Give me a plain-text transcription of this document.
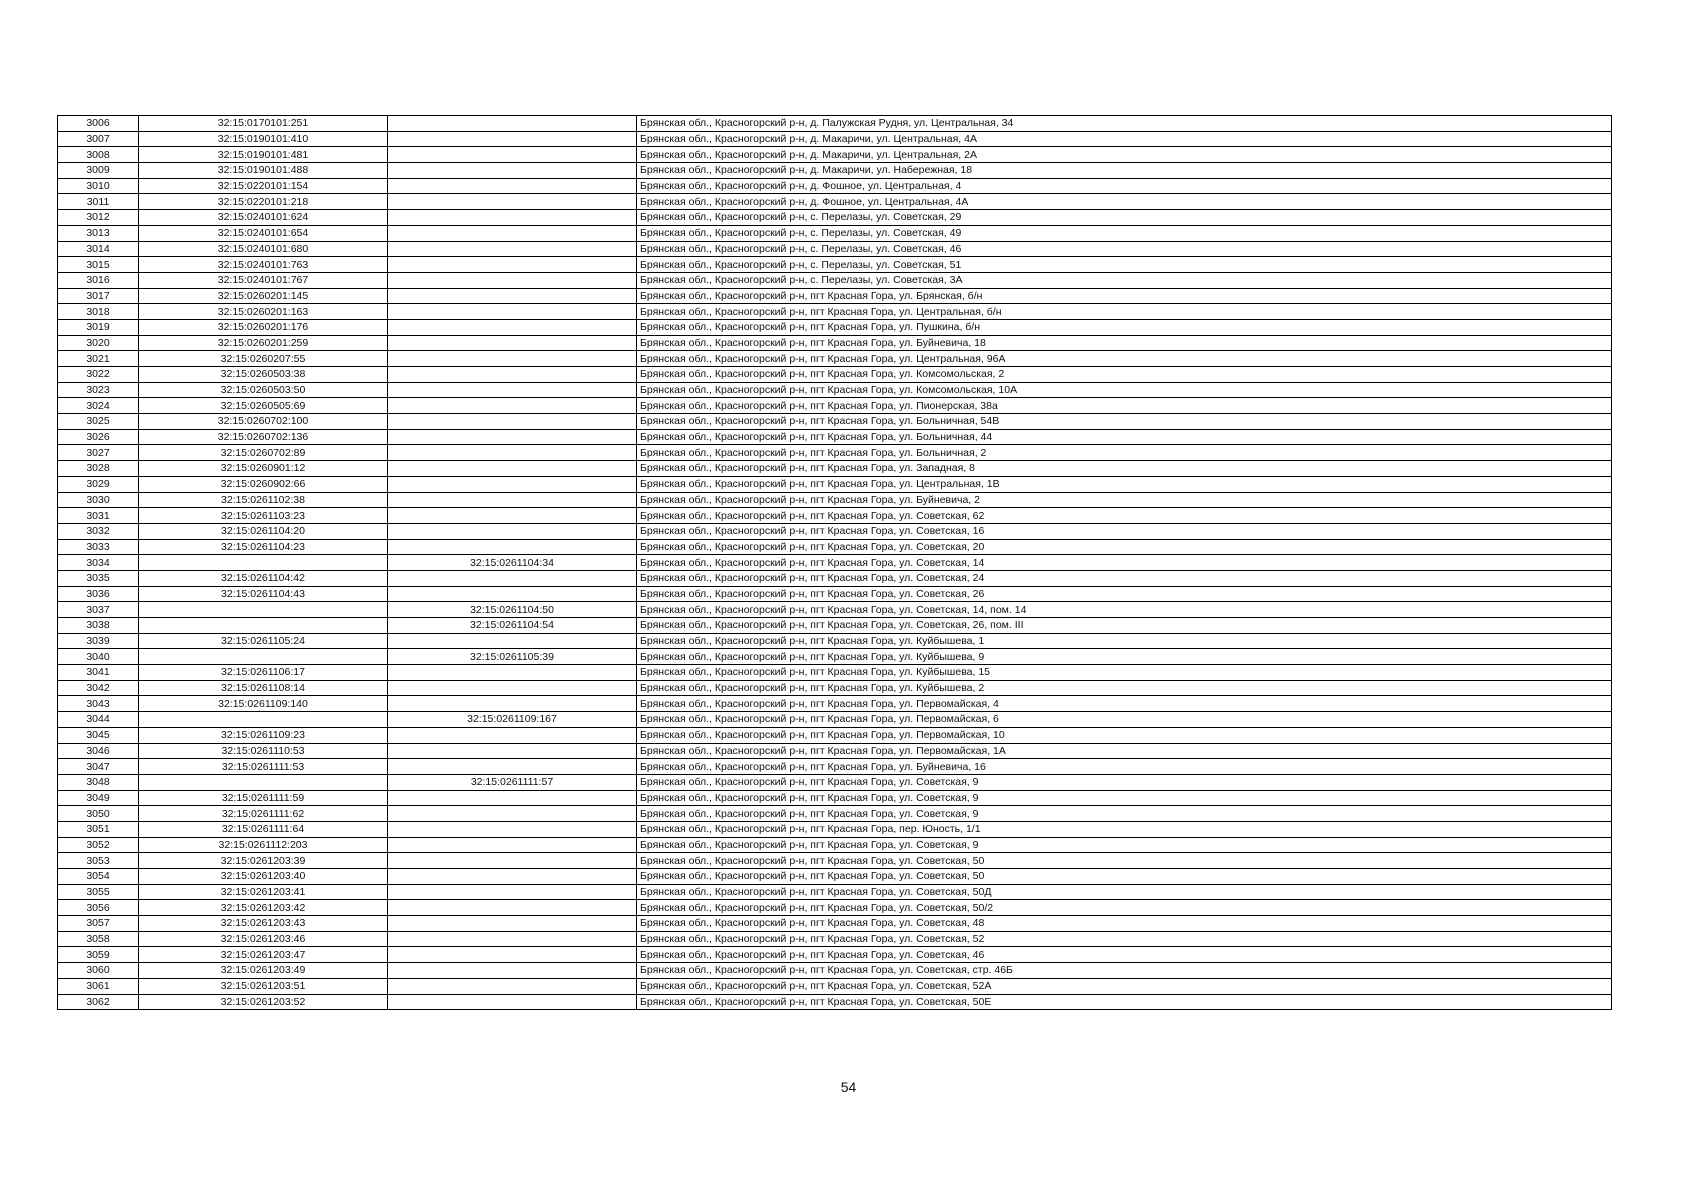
3006	32:15:0170101:251		Брянская обл., Красногорский р-н, д. Палужская Рудня, ул. Центральная, 34
3007	32:15:0190101:410		Брянская обл., Красногорский р-н, д. Макаричи, ул. Центральная, 4А
3008	32:15:0190101:481		Брянская обл., Красногорский р-н, д. Макаричи, ул. Центральная, 2А
3009	32:15:0190101:488		Брянская обл., Красногорский р-н, д. Макаричи, ул. Набережная, 18
3010	32:15:0220101:154		Брянская обл., Красногорский р-н, д. Фошное, ул. Центральная, 4
3011	32:15:0220101:218		Брянская обл., Красногорский р-н, д. Фошное, ул. Центральная, 4А
3012	32:15:0240101:624		Брянская обл., Красногорский р-н, с. Перелазы, ул. Советская, 29
3013	32:15:0240101:654		Брянская обл., Красногорский р-н, с. Перелазы, ул. Советская, 49
3014	32:15:0240101:680		Брянская обл., Красногорский р-н, с. Перелазы, ул. Советская, 46
3015	32:15:0240101:763		Брянская обл., Красногорский р-н, с. Перелазы, ул. Советская, 51
3016	32:15:0240101:767		Брянская обл., Красногорский р-н, с. Перелазы, ул. Советская, 3А
3017	32:15:0260201:145		Брянская обл., Красногорский р-н, пгт Красная Гора, ул. Брянская, б/н
3018	32:15:0260201:163		Брянская обл., Красногорский р-н, пгт Красная Гора, ул. Центральная, б/н
3019	32:15:0260201:176		Брянская обл., Красногорский р-н, пгт Красная Гора, ул. Пушкина, б/н
3020	32:15:0260201:259		Брянская обл., Красногорский р-н, пгт Красная Гора, ул. Буйневича, 18
3021	32:15:0260207:55		Брянская обл., Красногорский р-н, пгт Красная Гора, ул. Центральная, 96А
3022	32:15:0260503:38		Брянская обл., Красногорский р-н, пгт Красная Гора, ул. Комсомольская, 2
3023	32:15:0260503:50		Брянская обл., Красногорский р-н, пгт Красная Гора, ул. Комсомольская, 10А
3024	32:15:0260505:69		Брянская обл., Красногорский р-н, пгт Красная Гора, ул. Пионерская, 38а
3025	32:15:0260702:100		Брянская обл., Красногорский р-н, пгт Красная Гора, ул. Больничная, 54В
3026	32:15:0260702:136		Брянская обл., Красногорский р-н, пгт Красная Гора, ул. Больничная, 44
3027	32:15:0260702:89		Брянская обл., Красногорский р-н, пгт Красная Гора, ул. Больничная, 2
3028	32:15:0260901:12		Брянская обл., Красногорский р-н, пгт Красная Гора, ул. Западная, 8
3029	32:15:0260902:66		Брянская обл., Красногорский р-н, пгт Красная Гора, ул. Центральная, 1В
3030	32:15:0261102:38		Брянская обл., Красногорский р-н, пгт Красная Гора, ул. Буйневича, 2
3031	32:15:0261103:23		Брянская обл., Красногорский р-н, пгт Красная Гора, ул. Советская, 62
3032	32:15:0261104:20		Брянская обл., Красногорский р-н, пгт Красная Гора, ул. Советская, 16
3033	32:15:0261104:23		Брянская обл., Красногорский р-н, пгт Красная Гора, ул. Советская, 20
3034		32:15:0261104:34	Брянская обл., Красногорский р-н, пгт Красная Гора, ул. Советская, 14
3035	32:15:0261104:42		Брянская обл., Красногорский р-н, пгт Красная Гора, ул. Советская, 24
3036	32:15:0261104:43		Брянская обл., Красногорский р-н, пгт Красная Гора, ул. Советская, 26
3037		32:15:0261104:50	Брянская обл., Красногорский р-н, пгт Красная Гора, ул. Советская, 14, пом. 14
3038		32:15:0261104:54	Брянская обл., Красногорский р-н, пгт Красная Гора, ул. Советская, 26, пом. III
3039	32:15:0261105:24		Брянская обл., Красногорский р-н, пгт Красная Гора, ул. Куйбышева, 1
3040		32:15:0261105:39	Брянская обл., Красногорский р-н, пгт Красная Гора, ул. Куйбышева, 9
3041	32:15:0261106:17		Брянская обл., Красногорский р-н, пгт Красная Гора, ул. Куйбышева, 15
3042	32:15:0261108:14		Брянская обл., Красногорский р-н, пгт Красная Гора, ул. Куйбышева, 2
3043	32:15:0261109:140		Брянская обл., Красногорский р-н, пгт Красная Гора, ул. Первомайская, 4
3044		32:15:0261109:167	Брянская обл., Красногорский р-н, пгт Красная Гора, ул. Первомайская, 6
3045	32:15:0261109:23		Брянская обл., Красногорский р-н, пгт Красная Гора, ул. Первомайская, 10
3046	32:15:0261110:53		Брянская обл., Красногорский р-н, пгт Красная Гора, ул. Первомайская, 1А
3047	32:15:0261111:53		Брянская обл., Красногорский р-н, пгт Красная Гора, ул. Буйневича, 16
3048		32:15:0261111:57	Брянская обл., Красногорский р-н, пгт Красная Гора, ул. Советская, 9
3049	32:15:0261111:59		Брянская обл., Красногорский р-н, пгт Красная Гора, ул. Советская, 9
3050	32:15:0261111:62		Брянская обл., Красногорский р-н, пгт Красная Гора, ул. Советская, 9
3051	32:15:0261111:64		Брянская обл., Красногорский р-н, пгт Красная Гора, пер. Юность, 1/1
3052	32:15:0261112:203		Брянская обл., Красногорский р-н, пгт Красная Гора, ул. Советская, 9
3053	32:15:0261203:39		Брянская обл., Красногорский р-н, пгт Красная Гора, ул. Советская, 50
3054	32:15:0261203:40		Брянская обл., Красногорский р-н, пгт Красная Гора, ул. Советская, 50
3055	32:15:0261203:41		Брянская обл., Красногорский р-н, пгт Красная Гора, ул. Советская, 50Д
3056	32:15:0261203:42		Брянская обл., Красногорский р-н, пгт Красная Гора, ул. Советская, 50/2
3057	32:15:0261203:43		Брянская обл., Красногорский р-н, пгт Красная Гора, ул. Советская, 48
3058	32:15:0261203:46		Брянская обл., Красногорский р-н, пгт Красная Гора, ул. Советская, 52
3059	32:15:0261203:47		Брянская обл., Красногорский р-н, пгт Красная Гора, ул. Советская, 46
3060	32:15:0261203:49		Брянская обл., Красногорский р-н, пгт Красная Гора, ул. Советская, стр. 46Б
3061	32:15:0261203:51		Брянская обл., Красногорский р-н, пгт Красная Гора, ул. Советская, 52А
3062	32:15:0261203:52		Брянская обл., Красногорский р-н, пгт Красная Гора, ул. Советская, 50Е
54
